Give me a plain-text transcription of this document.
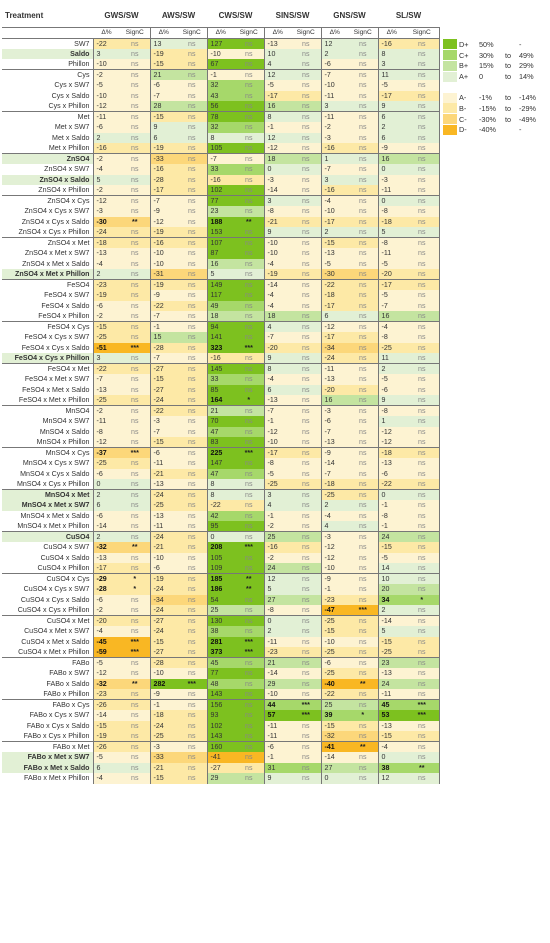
Treatment	GWS/SW		AWS/SW		CWS/SW		SINS/SW		GNS/SW		SL/SW	
	Δ%	SignC	Δ%	SignC	Δ%	SignC	Δ%	SignC	Δ%	SignC	Δ%	SignC
SW7	-22	ns	13	ns	127	ns	-13	ns	12	ns	-16	ns
Saldo	3	ns	-19	ns	-10	ns	10	ns	2	ns	8	ns
Phillon	-10	ns	-15	ns	67	ns	4	ns	-6	ns	3	ns
Cys	-2	ns	21	ns	-1	ns	12	ns	-7	ns	11	ns
Cys x SW7	-5	ns	-6	ns	32	ns	-5	ns	-10	ns	-5	ns
Cys x Saldo	-10	ns	-7	ns	43	ns	-17	ns	-11	ns	-17	ns
Cys x Phillon	-12	ns	28	ns	56	ns	16	ns	3	ns	9	ns
Met	-11	ns	-15	ns	78	ns	8	ns	-11	ns	6	ns
Met x SW7	-6	ns	9	ns	32	ns	-1	ns	-2	ns	2	ns
Met x Saldo	2	ns	6	ns	8	ns	12	ns	-3	ns	6	ns
Met x Phillon	-16	ns	-19	ns	105	ns	-12	ns	-16	ns	-9	ns
ZnSO4	-2	ns	-33	ns	-7	ns	18	ns	1	ns	16	ns
ZnSO4 x SW7	-4	ns	-16	ns	33	ns	0	ns	-7	ns	0	ns
ZnSO4 x Saldo	5	ns	-28	ns	-16	ns	-3	ns	3	ns	-3	ns
ZnSO4 x Phillon	-2	ns	-17	ns	102	ns	-14	ns	-16	ns	-11	ns
ZnSO4 x Cys	-12	ns	-7	ns	77	ns	3	ns	-4	ns	0	ns
ZnSO4 x Cys x SW7	-3	ns	-9	ns	23	ns	-8	ns	-10	ns	-8	ns
ZnSO4 x Cys x Saldo	-30	**	-12	ns	188	**	-21	ns	-17	ns	-18	ns
ZnSO4 x Cys x Phillon	-24	ns	-19	ns	153	ns	9	ns	2	ns	5	ns
ZnSO4 x Met	-18	ns	-16	ns	107	ns	-10	ns	-15	ns	-8	ns
ZnSO4 x Met x SW7	-13	ns	-10	ns	87	ns	-10	ns	-13	ns	-11	ns
ZnSO4 x Met x Saldo	-4	ns	-10	ns	16	ns	-4	ns	-5	ns	-5	ns
ZnSO4 x Met x Phillon	2	ns	-31	ns	5	ns	-19	ns	-30	ns	-20	ns
FeSO4	-23	ns	-19	ns	149	ns	-14	ns	-22	ns	-17	ns
FeSO4 x SW7	-19	ns	-9	ns	117	ns	-4	ns	-18	ns	-5	ns
FeSO4 x Saldo	-6	ns	-22	ns	49	ns	-4	ns	-17	ns	-7	ns
FeSO4 x Phillon	-2	ns	-7	ns	18	ns	18	ns	6	ns	16	ns
FeSO4 x Cys	-15	ns	-1	ns	94	ns	4	ns	-12	ns	-4	ns
FeSO4 x Cys x SW7	-25	ns	15	ns	141	ns	-7	ns	-17	ns	-8	ns
FeSO4 x Cys x Saldo	-51	***	-28	ns	323	***	-20	ns	-34	ns	-25	ns
FeSO4 x Cys x Phillon	3	ns	-7	ns	-16	ns	9	ns	-24	ns	11	ns
FeSO4 x Met	-22	ns	-27	ns	145	ns	8	ns	-11	ns	2	ns
FeSO4 x Met x SW7	-7	ns	-15	ns	33	ns	-4	ns	-13	ns	-5	ns
FeSO4 x Met x Saldo	-13	ns	-27	ns	85	ns	6	ns	-20	ns	-6	ns
FeSO4 x Met x Phillon	-25	ns	-24	ns	164	*	-13	ns	16	ns	9	ns
MnSO4	-2	ns	-22	ns	21	ns	-7	ns	-3	ns	-8	ns
MnSO4 x SW7	-11	ns	-3	ns	70	ns	-1	ns	-6	ns	1	ns
MnSO4 x Saldo	-8	ns	-7	ns	47	ns	-12	ns	-7	ns	-12	ns
MnSO4 x Phillon	-12	ns	-15	ns	83	ns	-10	ns	-13	ns	-12	ns
MnSO4 x Cys	-37	***	-6	ns	225	***	-17	ns	-9	ns	-18	ns
MnSO4 x Cys x SW7	-25	ns	-11	ns	147	ns	-8	ns	-14	ns	-13	ns
MnSO4 x Cys x Saldo	-6	ns	-21	ns	47	ns	-5	ns	-7	ns	-6	ns
MnSO4 x Cys x Phillon	0	ns	-13	ns	8	ns	-25	ns	-18	ns	-22	ns
MnSO4 x Met	2	ns	-24	ns	8	ns	3	ns	-25	ns	0	ns
MnSO4 x Met x SW7	6	ns	-25	ns	-22	ns	4	ns	2	ns	-1	ns
MnSO4 x Met x Saldo	-6	ns	-13	ns	42	ns	-1	ns	-4	ns	-8	ns
MnSO4 x Met x Phillon	-14	ns	-11	ns	95	ns	-2	ns	4	ns	-1	ns
CuSO4	2	ns	-24	ns	0	ns	25	ns	-3	ns	24	ns
CuSO4 x SW7	-32	**	-21	ns	208	***	-16	ns	-12	ns	-15	ns
CuSO4 x Saldo	-13	ns	-10	ns	105	ns	-2	ns	-12	ns	-5	ns
CuSO4 x Phillon	-17	ns	-6	ns	109	ns	24	ns	-10	ns	14	ns
CuSO4 x Cys	-29	*	-19	ns	185	**	12	ns	-9	ns	10	ns
CuSO4 x Cys x SW7	-28	*	-24	ns	186	**	5	ns	-1	ns	20	ns
CuSO4 x Cys x Saldo	-6	ns	-34	ns	54	ns	27	ns	-23	ns	34	*
CuSO4 x Cys x Phillon	-2	ns	-24	ns	25	ns	-8	ns	-47	***	2	ns
CuSO4 x Met	-20	ns	-27	ns	130	ns	0	ns	-25	ns	-14	ns
CuSO4 x Met x SW7	-4	ns	-24	ns	38	ns	2	ns	-15	ns	5	ns
CuSO4 x Met x Saldo	-45	***	-15	ns	281	***	-11	ns	-10	ns	-15	ns
CuSO4 x Met x Phillon	-59	***	-27	ns	373	***	-23	ns	-25	ns	-25	ns
FABo	-5	ns	-28	ns	45	ns	21	ns	-6	ns	23	ns
FABo x SW7	-12	ns	-10	ns	77	ns	-14	ns	-25	ns	-13	ns
FABo x Saldo	-32	**	282	***	48	ns	29	ns	-40	**	24	ns
FABo x Phillon	-23	ns	-9	ns	143	ns	-10	ns	-22	ns	-11	ns
FABo x Cys	-26	ns	-1	ns	156	ns	44	***	25	ns	45	***
FABo x Cys x SW7	-14	ns	-18	ns	93	ns	57	***	39	*	53	***
FABo x Cys x Saldo	-15	ns	-24	ns	102	ns	-11	ns	-15	ns	-13	ns
FABo x Cys x Phillon	-19	ns	-25	ns	143	ns	-11	ns	-32	ns	-15	ns
FABo x Met	-26	ns	-3	ns	160	ns	-6	ns	-41	**	-4	ns
FABo x Met x SW7	-5	ns	-33	ns	-41	ns	-1	ns	-14	ns	0	ns
FABo x Met x Saldo	6	ns	-21	ns	-27	ns	31	ns	27	ns	38	**
FABo x Met x Phillon	-4	ns	-15	ns	29	ns	9	ns	0	ns	12	ns
D+	50%	-
C+	30%	to	49%
B+	15%	to	29%
A+	0	to	14%
A-	-1%	to	-14%
B-	-15%	to	-29%
C-	-30%	to	-49%
D-	-40%	-
